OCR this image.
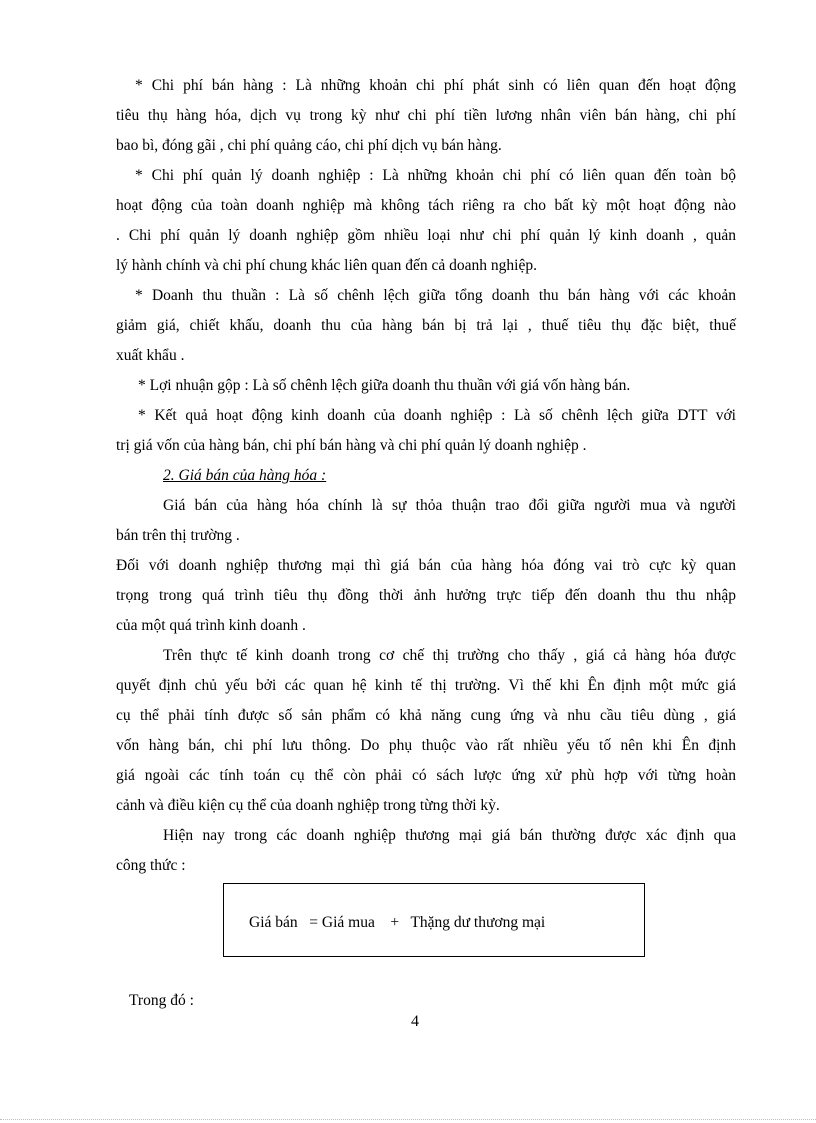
* Chi phí bán hàng : Là những khoản chi phí phát sinh có liên quan đến hoạt động
tiêu thụ hàng hóa, dịch vụ trong kỳ như chi phí tiền lương nhân viên bán hàng, chi phí
bao bì, đóng gãi , chi phí quảng cáo, chi phí dịch vụ bán hàng.
* Chi phí quản lý doanh nghiệp : Là những khoản chi phí có liên quan đến toàn bộ
hoạt động của toàn doanh nghiệp mà không tách riêng ra cho bất kỳ một hoạt động nào
. Chi phí quản lý doanh nghiệp gồm nhiều loại như chi phí quản lý kinh doanh , quản
lý hành chính và chi phí chung khác liên quan đến cả doanh nghiệp.
* Doanh thu thuần : Là số chênh lệch giữa tổng doanh thu bán hàng với các khoản
giảm giá, chiết khấu, doanh thu của hàng bán bị trả lại , thuế tiêu thụ đặc biệt, thuế
xuất khẩu .
* Lợi nhuận gộp : Là số chênh lệch giữa doanh thu thuần với giá vốn hàng bán.
* Kết quả hoạt động kinh doanh của doanh nghiệp : Là số chênh lệch giữa DTT với
trị giá vốn của hàng bán, chi phí bán hàng và chi phí quản lý doanh nghiệp .
2. Giá bán của hàng hóa :
Giá bán của hàng hóa chính là sự thỏa thuận trao đổi giữa người mua và người
bán trên thị trường .
Đối với doanh nghiệp thương mại thì giá bán của hàng hóa đóng vai trò cực kỳ quan
trọng trong quá trình tiêu thụ đồng thời ảnh hưởng trực tiếp đến doanh thu thu nhập
của một quá trình kinh doanh .
Trên thực tế kinh doanh trong cơ chế thị trường cho thấy , giá cả hàng hóa được
quyết định chủ yếu bởi các quan hệ kinh tế thị trường. Vì thế khi Ên định một mức giá
cụ thể phải tính được số sản phẩm có khả năng cung ứng và nhu cầu tiêu dùng , giá
vốn hàng bán, chi phí lưu thông. Do phụ thuộc vào rất nhiều yếu tố nên khi Ên định
giá ngoài các tính toán cụ thể còn phải có sách lược ứng xử phù hợp với từng hoàn
cảnh và điều kiện cụ thể của doanh nghiệp trong từng thời kỳ.
Hiện nay trong các doanh nghiệp thương mại giá bán thường được xác định qua
công thức :
Giá bán = Giá mua + Thặng dư thương mại
Trong đó :
4
